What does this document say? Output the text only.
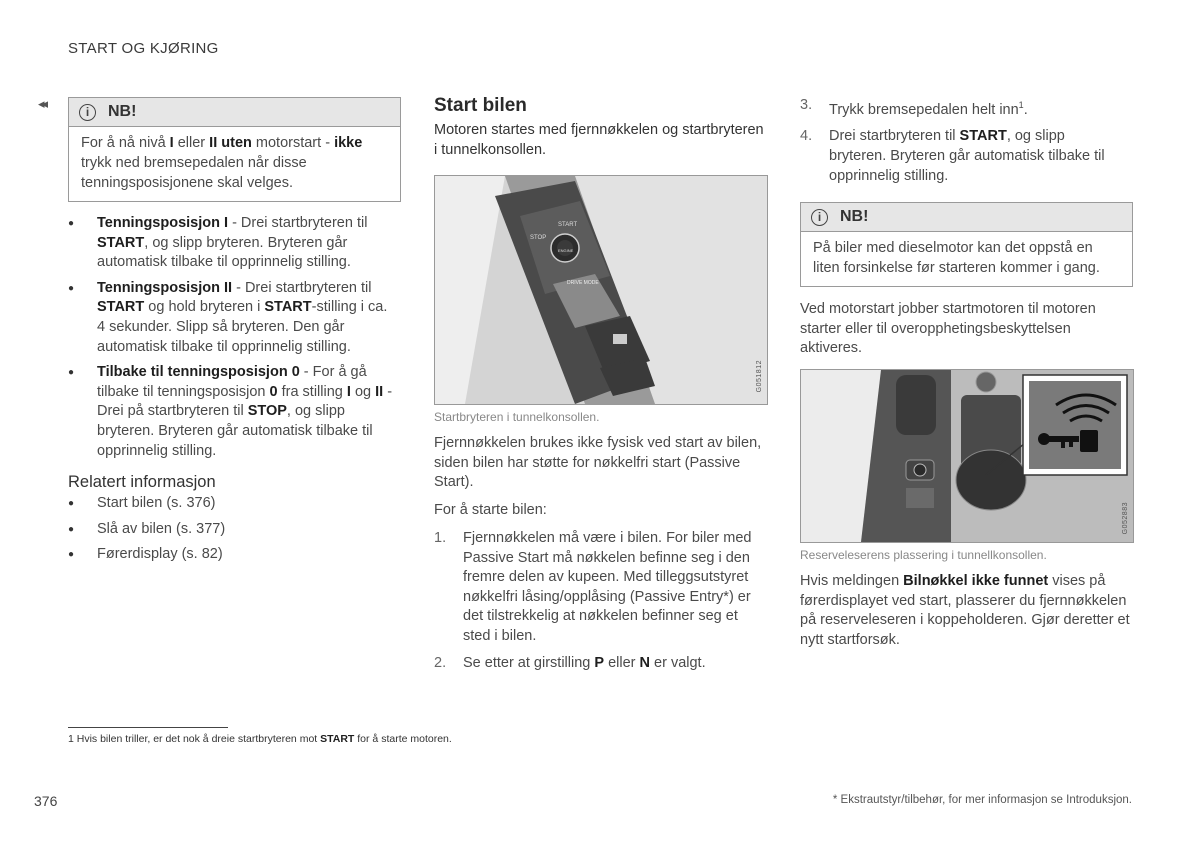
START OG KJØRING
◂◂
i	NB!
For å nå nivå I eller II uten motorstart - ikke trykk ned bremsepedalen når disse tenningsposisjonene skal velges.
● Tenningsposisjon I - Drei startbryteren til START, og slipp bryteren. Bryteren går automatisk tilbake til opprinnelig stilling.
● Tenningsposisjon II - Drei startbryteren til START og hold bryteren i START-stilling i ca. 4 sekunder. Slipp så bryteren. Den går automatisk tilbake til opprinnelig stilling.
● Tilbake til tenningsposisjon 0 - For å gå tilbake til tenningsposisjon 0 fra stilling I og II - Drei på startbryteren til STOP, og slipp bryteren. Bryteren går automatisk tilbake til opprinnelig stilling.
Relatert informasjon
● Start bilen (s. 376)
● Slå av bilen (s. 377)
● Førerdisplay (s. 82)
Start bilen
Motoren startes med fjernnøkkelen og startbryteren i tunnelkonsollen.
STOP
START
ENGINE
DRIVE MODE
G051812
Startbryteren i tunnelkonsollen.
Fjernnøkkelen brukes ikke fysisk ved start av bilen, siden bilen har støtte for nøkkelfri start (Passive Start).
For å starte bilen:
1. Fjernnøkkelen må være i bilen. For biler med Passive Start må nøkkelen befinne seg i den fremre delen av kupeen. Med tilleggsutstyret nøkkelfri låsing/opplåsing (Passive Entry*) er det tilstrekkelig at nøkkelen befinner seg et sted i bilen.
2. Se etter at girstilling P eller N er valgt.
3. Trykk bremsepedalen helt inn$^1$.
4. Drei startbryteren til START, og slipp bryteren. Bryteren går automatisk tilbake til opprinnelig stilling.
i	NB!
På biler med dieselmotor kan det oppstå en liten forsinkelse før starteren kommer i gang.
Ved motorstart jobber startmotoren til motoren starter eller til overopphetingsbeskyttelsen aktiveres.
G052883
Reserveleserens plassering i tunnellkonsollen.
Hvis meldingen Bilnøkkel ikke funnet vises på førerdisplayet ved start, plasserer du fjernnøkkelen på reserveleseren i koppeholderen. Gjør deretter et nytt startforsøk.
1 Hvis bilen triller, er det nok å dreie startbryteren mot START for å starte motoren.
376	* Ekstrautstyr/tilbehør, for mer informasjon se Introduksjon.
